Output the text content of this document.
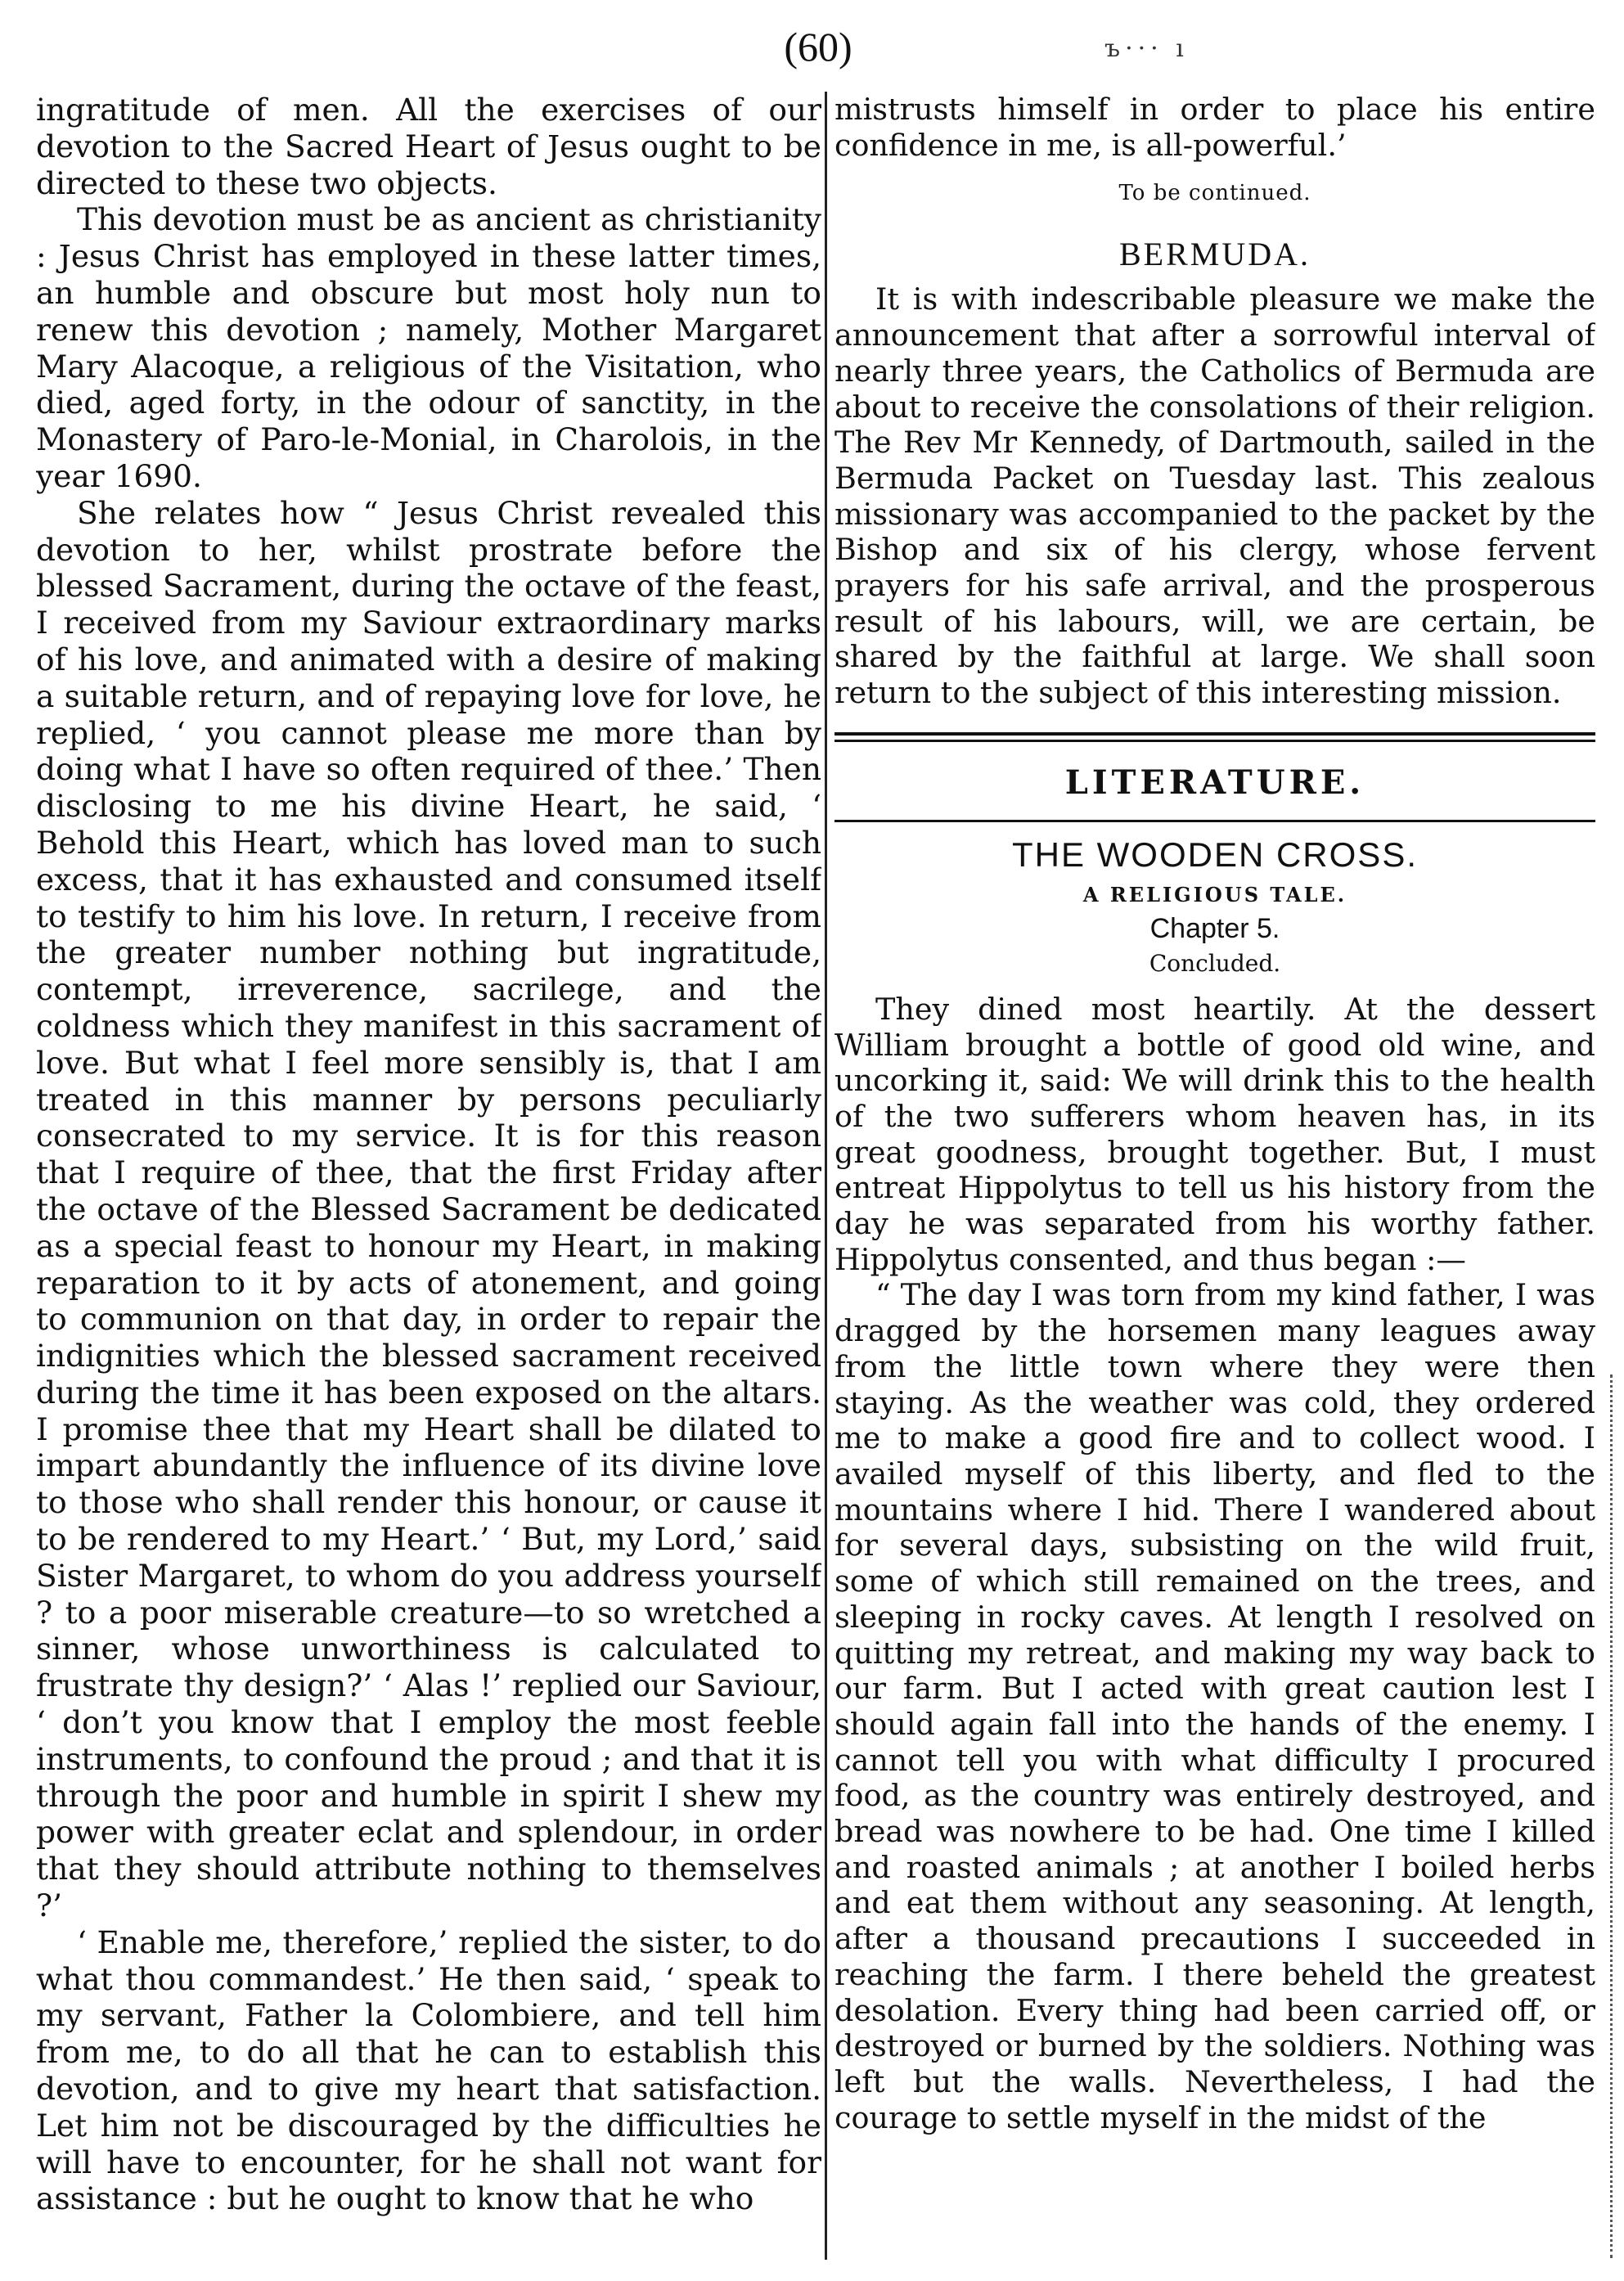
(60)	ъ··· ı

ingratitude of men. All the exercises of our devotion to the Sacred Heart of Jesus ought to be directed to these two objects.

This devotion must be as ancient as christianity : Jesus Christ has employed in these latter times, an humble and obscure but most holy nun to renew this devotion ; namely, Mother Margaret Mary Alacoque, a religious of the Visitation, who died, aged forty, in the odour of sanctity, in the Monastery of Paro-le-Monial, in Charolois, in the year 1690.

She relates how “ Jesus Christ revealed this devotion to her, whilst prostrate before the blessed Sacrament, during the octave of the feast, I received from my Saviour extraordinary marks of his love, and animated with a desire of making a suitable return, and of repaying love for love, he replied, ‘ you cannot please me more than by doing what I have so often required of thee.’ Then disclosing to me his divine Heart, he said, ‘ Behold this Heart, which has loved man to such excess, that it has exhausted and consumed itself to testify to him his love. In return, I receive from the greater number nothing but ingratitude, contempt, irreverence, sacrilege, and the coldness which they manifest in this sacrament of love. But what I feel more sensibly is, that I am treated in this manner by persons peculiarly consecrated to my service. It is for this reason that I require of thee, that the first Friday after the octave of the Blessed Sacrament be dedicated as a special feast to honour my Heart, in making reparation to it by acts of atonement, and going to communion on that day, in order to repair the indignities which the blessed sacrament received during the time it has been exposed on the altars. I promise thee that my Heart shall be dilated to impart abundantly the influence of its divine love to those who shall render this honour, or cause it to be rendered to my Heart.’ ‘ But, my Lord,’ said Sister Margaret, to whom do you address yourself ? to a poor miserable creature—to so wretched a sinner, whose unworthiness is calculated to frustrate thy design?’ ‘ Alas !’ replied our Saviour, ‘ don’t you know that I employ the most feeble instruments, to confound the proud ; and that it is through the poor and humble in spirit I shew my power with greater eclat and splendour, in order that they should attribute nothing to themselves ?’

‘ Enable me, therefore,’ replied the sister, to do what thou commandest.’ He then said, ‘ speak to my servant, Father la Colombiere, and tell him from me, to do all that he can to establish this devotion, and to give my heart that satisfaction. Let him not be discouraged by the difficulties he will have to encounter, for he shall not want for assistance : but he ought to know that he who

mistrusts himself in order to place his entire confidence in me, is all-powerful.’

To be continued.
BERMUDA.

It is with indescribable pleasure we make the announcement that after a sorrowful interval of nearly three years, the Catholics of Bermuda are about to receive the consolations of their religion. The Rev Mr Kennedy, of Dartmouth, sailed in the Bermuda Packet on Tuesday last. This zealous missionary was accompanied to the packet by the Bishop and six of his clergy, whose fervent prayers for his safe arrival, and the prosperous result of his labours, will, we are certain, be shared by the faithful at large. We shall soon return to the subject of this interesting mission.

LITERATURE.
THE WOODEN CROSS.
A RELIGIOUS TALE.
Chapter 5.
Concluded.

They dined most heartily. At the dessert William brought a bottle of good old wine, and uncorking it, said: We will drink this to the health of the two sufferers whom heaven has, in its great goodness, brought together. But, I must entreat Hippolytus to tell us his history from the day he was separated from his worthy father. Hippolytus consented, and thus began :—

“ The day I was torn from my kind father, I was dragged by the horsemen many leagues away from the little town where they were then staying. As the weather was cold, they ordered me to make a good fire and to collect wood. I availed myself of this liberty, and fled to the mountains where I hid. There I wandered about for several days, subsisting on the wild fruit, some of which still remained on the trees, and sleeping in rocky caves. At length I resolved on quitting my retreat, and making my way back to our farm. But I acted with great caution lest I should again fall into the hands of the enemy. I cannot tell you with what difficulty I procured food, as the country was entirely destroyed, and bread was nowhere to be had. One time I killed and roasted animals ; at another I boiled herbs and eat them without any seasoning. At length, after a thousand precautions I succeeded in reaching the farm. I there beheld the greatest desolation. Every thing had been carried off, or destroyed or burned by the soldiers. Nothing was left but the walls. Nevertheless, I had the courage to settle myself in the midst of the
